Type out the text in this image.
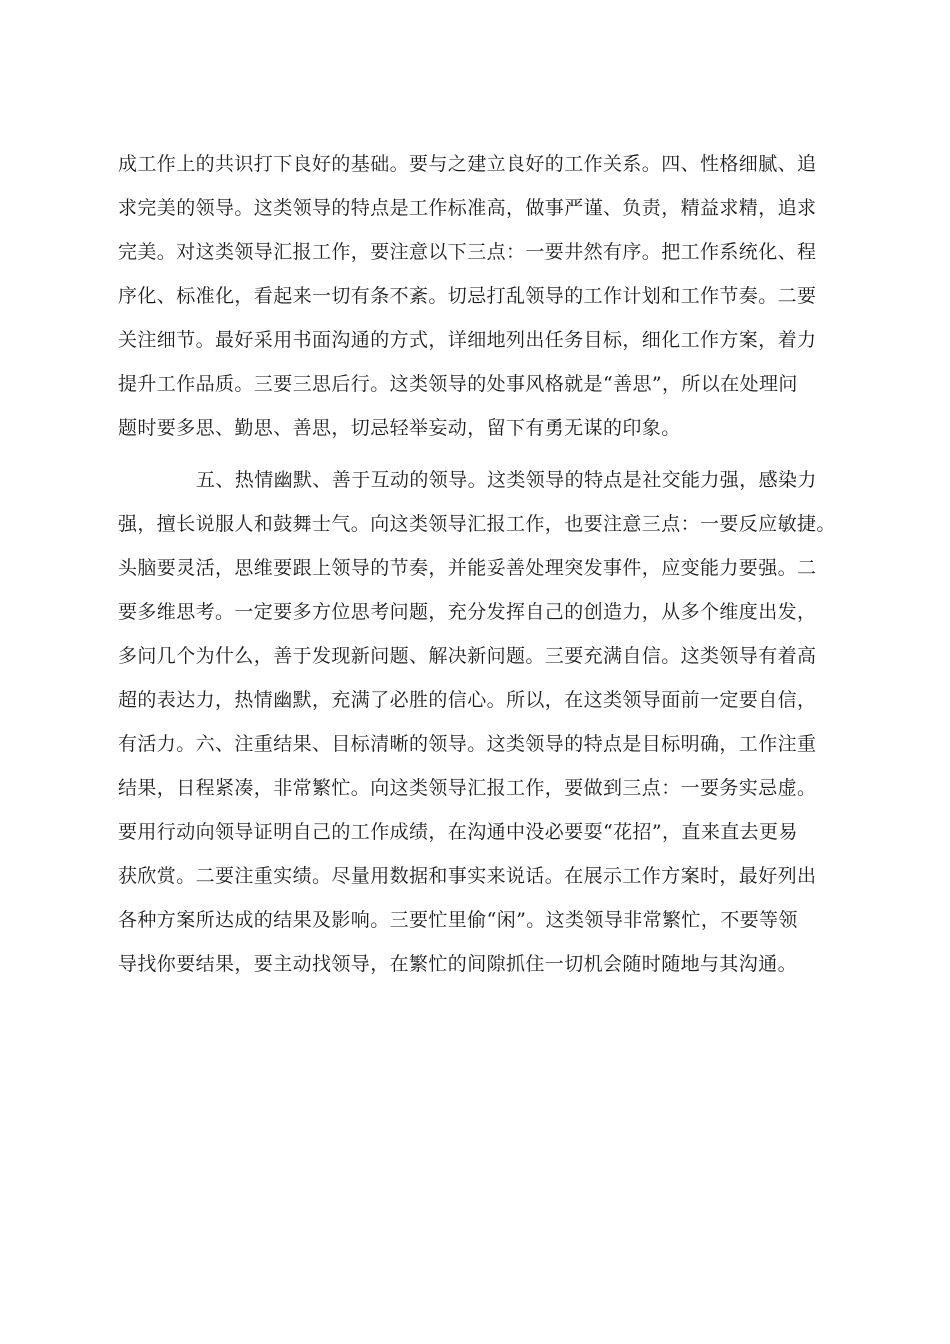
成工作上的共识打下良好的基础。要与之建立良好的工作关系。四、性格细腻、追
求完美的领导。这类领导的特点是工作标准高，做事严谨、负责，精益求精，追求
完美。对这类领导汇报工作，要注意以下三点：一要井然有序。把工作系统化、程
序化、标准化，看起来一切有条不紊。切忌打乱领导的工作计划和工作节奏。二要
关注细节。最好采用书面沟通的方式，详细地列出任务目标，细化工作方案，着力
提升工作品质。三要三思后行。这类领导的处事风格就是“善思”，所以在处理问
题时要多思、勤思、善思，切忌轻举妄动，留下有勇无谋的印象。
五、热情幽默、善于互动的领导。这类领导的特点是社交能力强，感染力
强，擅长说服人和鼓舞士气。向这类领导汇报工作，也要注意三点：一要反应敏捷。
头脑要灵活，思维要跟上领导的节奏，并能妥善处理突发事件，应变能力要强。二
要多维思考。一定要多方位思考问题，充分发挥自己的创造力，从多个维度出发，
多问几个为什么，善于发现新问题、解决新问题。三要充满自信。这类领导有着高
超的表达力，热情幽默，充满了必胜的信心。所以，在这类领导面前一定要自信，
有活力。六、注重结果、目标清晰的领导。这类领导的特点是目标明确，工作注重
结果，日程紧凑，非常繁忙。向这类领导汇报工作，要做到三点：一要务实忌虚。
要用行动向领导证明自己的工作成绩，在沟通中没必要耍“花招”，直来直去更易
获欣赏。二要注重实绩。尽量用数据和事实来说话。在展示工作方案时，最好列出
各种方案所达成的结果及影响。三要忙里偷“闲”。这类领导非常繁忙，不要等领
导找你要结果，要主动找领导，在繁忙的间隙抓住一切机会随时随地与其沟通。
